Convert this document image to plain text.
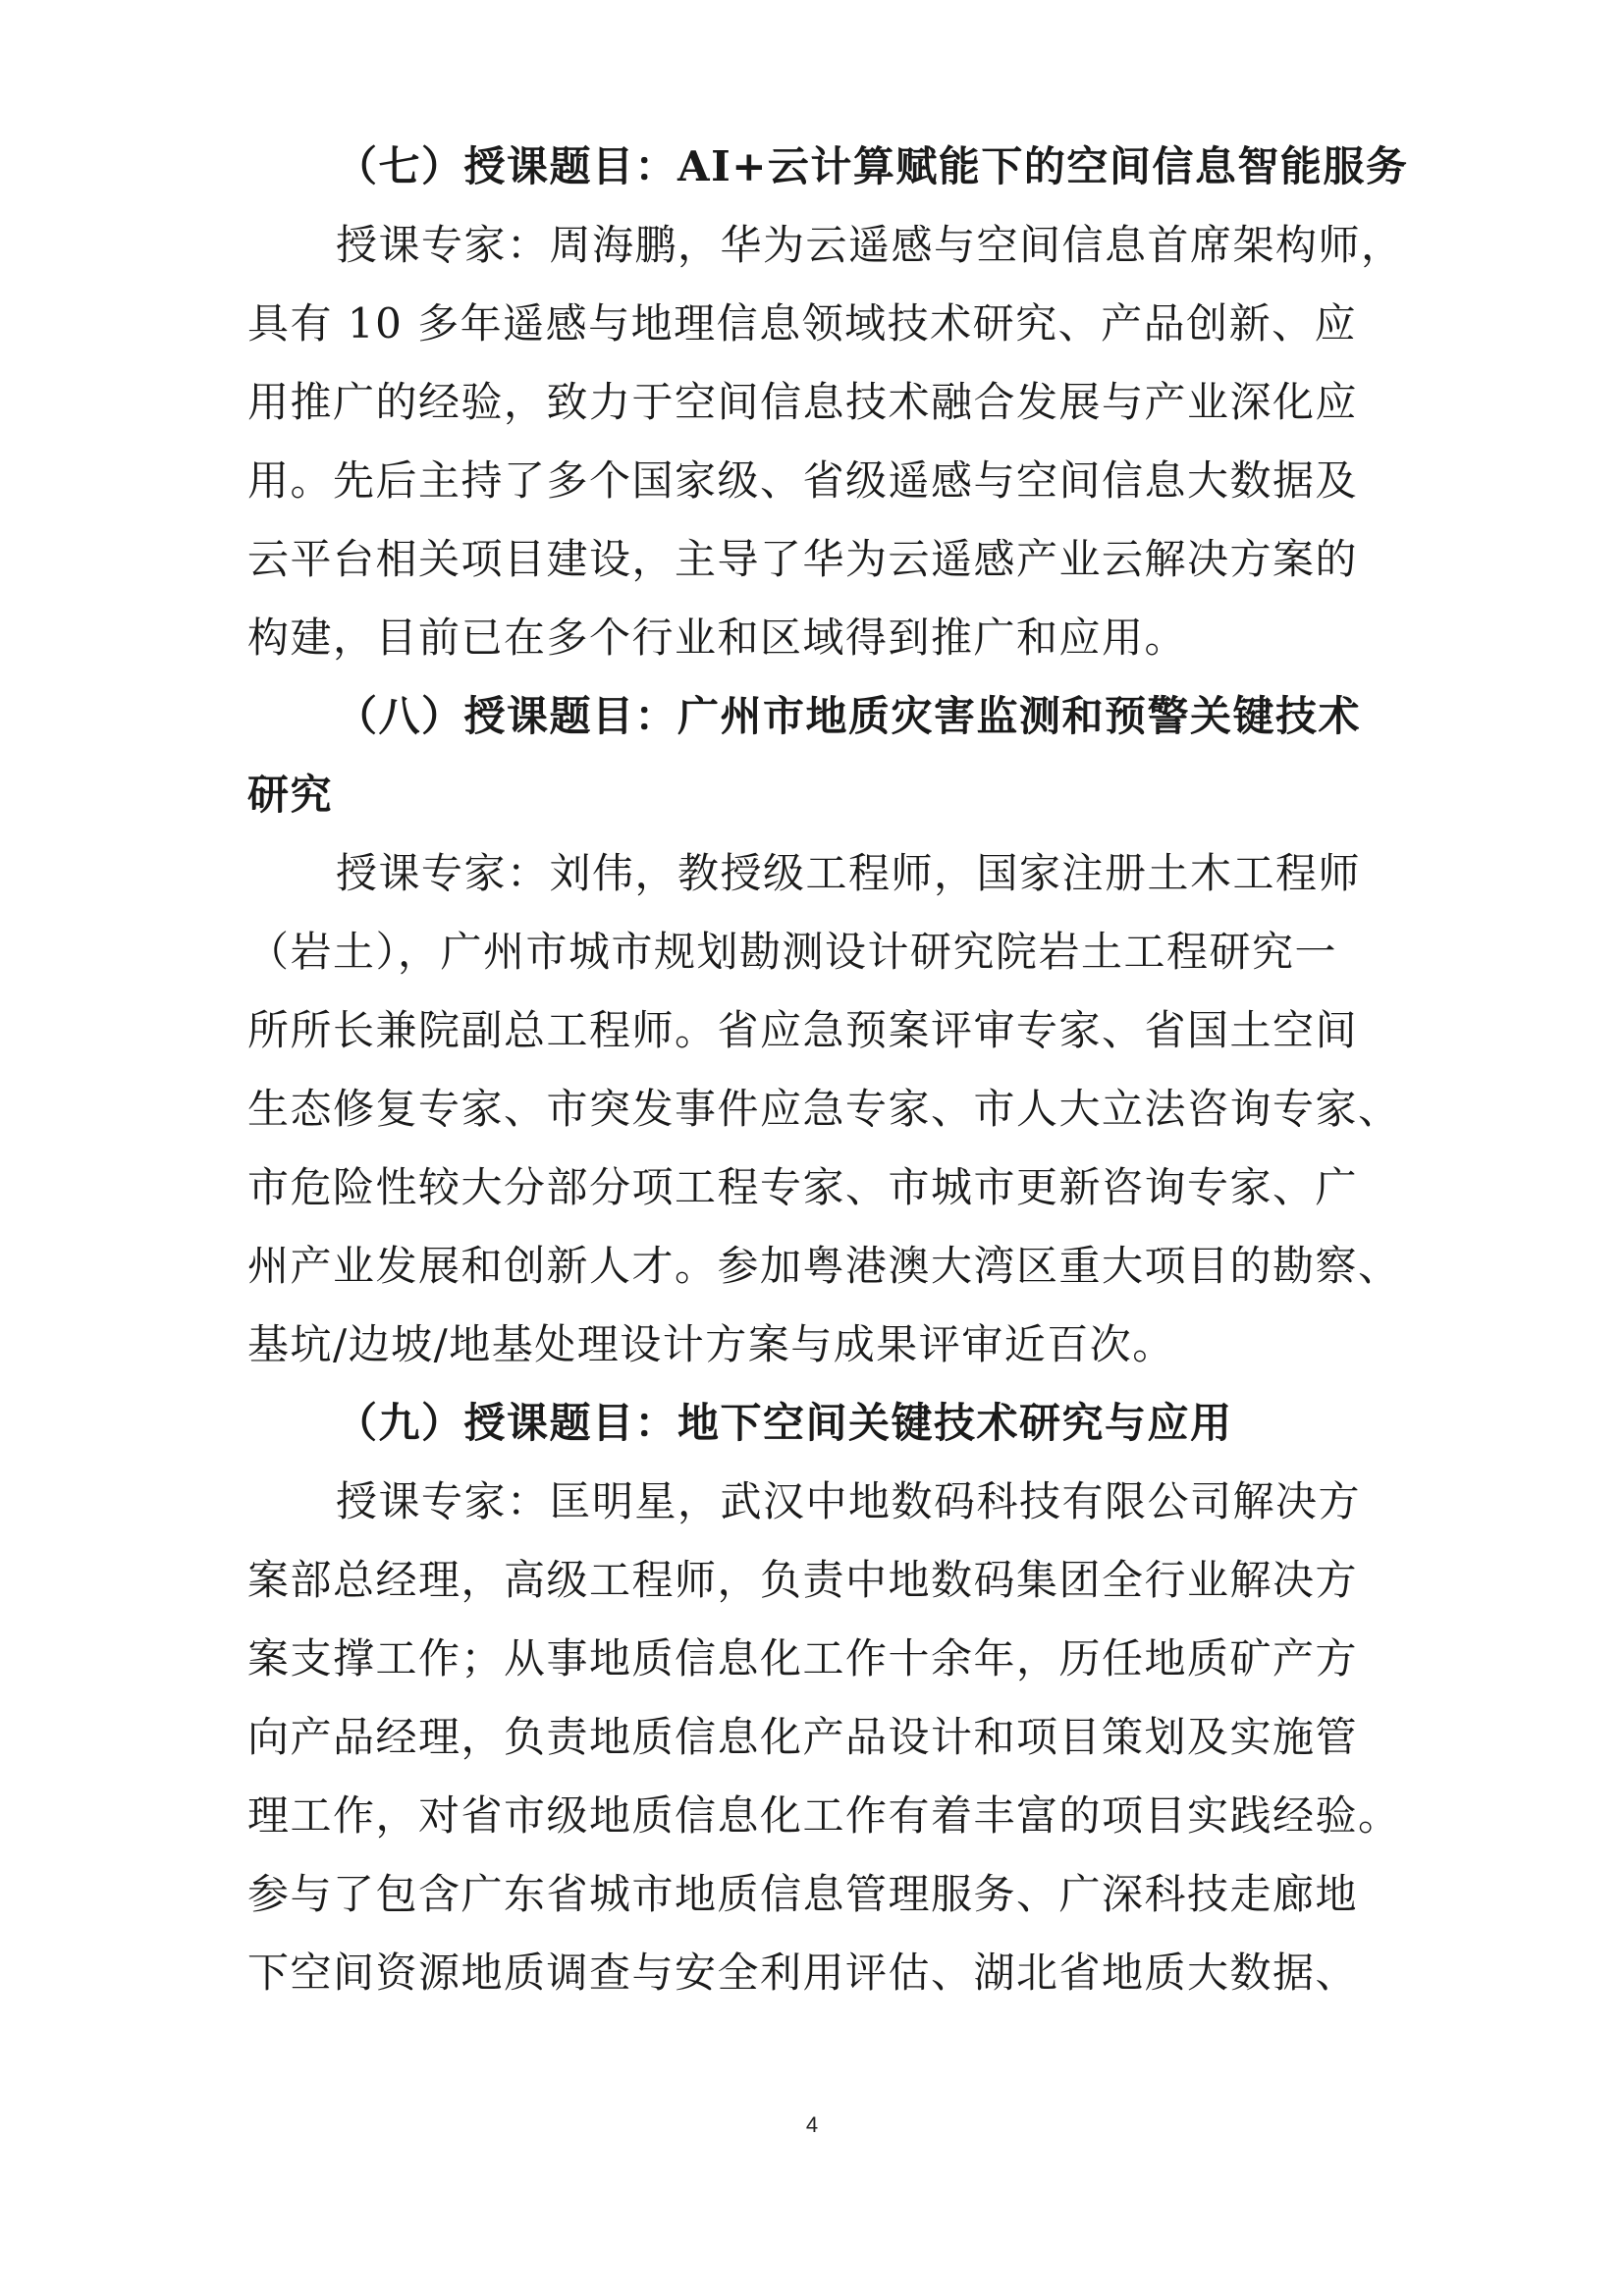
（七）授课题目：AI+云计算赋能下的空间信息智能服务
授课专家：周海鹏，华为云遥感与空间信息首席架构师，
具有 10 多年遥感与地理信息领域技术研究、产品创新、应
用推广的经验，致力于空间信息技术融合发展与产业深化应
用。先后主持了多个国家级、省级遥感与空间信息大数据及
云平台相关项目建设，主导了华为云遥感产业云解决方案的
构建，目前已在多个行业和区域得到推广和应用。
（八）授课题目：广州市地质灾害监测和预警关键技术
研究
授课专家：刘伟，教授级工程师，国家注册土木工程师
（岩土），广州市城市规划勘测设计研究院岩土工程研究一
所所长兼院副总工程师。省应急预案评审专家、省国土空间
生态修复专家、市突发事件应急专家、市人大立法咨询专家、
市危险性较大分部分项工程专家、市城市更新咨询专家、广
州产业发展和创新人才。参加粤港澳大湾区重大项目的勘察、
基坑/边坡/地基处理设计方案与成果评审近百次。
（九）授课题目：地下空间关键技术研究与应用
授课专家：匡明星，武汉中地数码科技有限公司解决方
案部总经理，高级工程师，负责中地数码集团全行业解决方
案支撑工作；从事地质信息化工作十余年，历任地质矿产方
向产品经理，负责地质信息化产品设计和项目策划及实施管
理工作，对省市级地质信息化工作有着丰富的项目实践经验。
参与了包含广东省城市地质信息管理服务、广深科技走廊地
下空间资源地质调查与安全利用评估、湖北省地质大数据、
4
